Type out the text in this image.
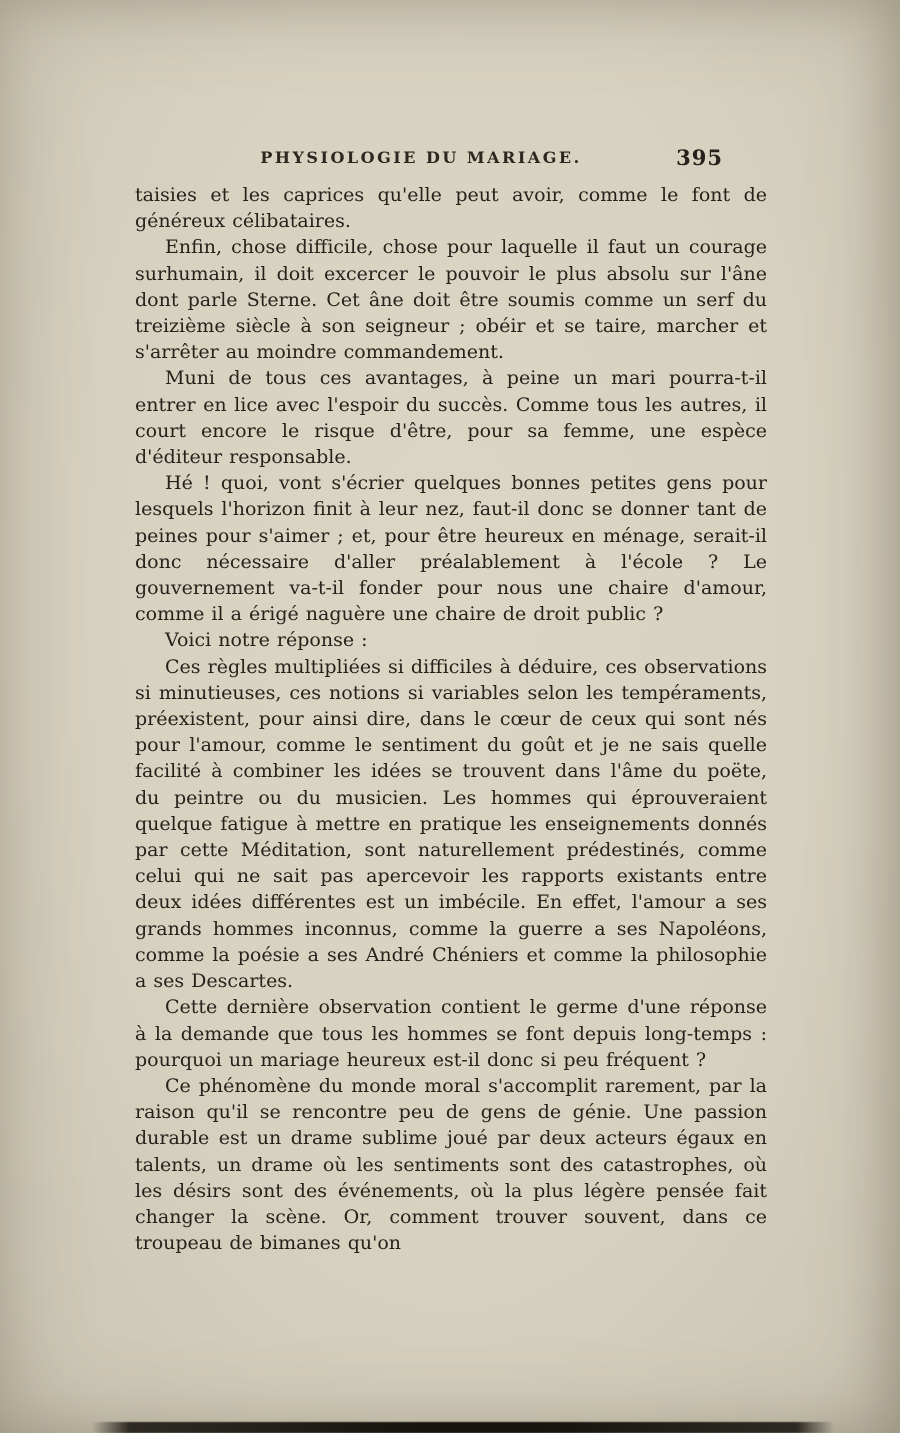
PHYSIOLOGIE DU MARIAGE.	395

taisies et les caprices qu'elle peut avoir, comme le font de généreux célibataires.

Enfin, chose difficile, chose pour laquelle il faut un courage surhumain, il doit excercer le pouvoir le plus absolu sur l'âne dont parle Sterne. Cet âne doit être soumis comme un serf du treizième siècle à son seigneur ; obéir et se taire, marcher et s'arrêter au moindre commandement.

Muni de tous ces avantages, à peine un mari pourra-t-il entrer en lice avec l'espoir du succès. Comme tous les autres, il court encore le risque d'être, pour sa femme, une espèce d'éditeur responsable.

Hé ! quoi, vont s'écrier quelques bonnes petites gens pour lesquels l'horizon finit à leur nez, faut-il donc se donner tant de peines pour s'aimer ; et, pour être heureux en ménage, serait-il donc nécessaire d'aller préalablement à l'école ? Le gouvernement va-t-il fonder pour nous une chaire d'amour, comme il a érigé naguère une chaire de droit public ?

Voici notre réponse :

Ces règles multipliées si difficiles à déduire, ces observations si minutieuses, ces notions si variables selon les tempéraments, préexistent, pour ainsi dire, dans le cœur de ceux qui sont nés pour l'amour, comme le sentiment du goût et je ne sais quelle facilité à combiner les idées se trouvent dans l'âme du poëte, du peintre ou du musicien. Les hommes qui éprouveraient quelque fatigue à mettre en pratique les enseignements donnés par cette Méditation, sont naturellement prédestinés, comme celui qui ne sait pas apercevoir les rapports existants entre deux idées différentes est un imbécile. En effet, l'amour a ses grands hommes inconnus, comme la guerre a ses Napoléons, comme la poésie a ses André Chéniers et comme la philosophie a ses Descartes.

Cette dernière observation contient le germe d'une réponse à la demande que tous les hommes se font depuis long-temps : pourquoi un mariage heureux est-il donc si peu fréquent ?

Ce phénomène du monde moral s'accomplit rarement, par la raison qu'il se rencontre peu de gens de génie. Une passion durable est un drame sublime joué par deux acteurs égaux en talents, un drame où les sentiments sont des catastrophes, où les désirs sont des événements, où la plus légère pensée fait changer la scène. Or, comment trouver souvent, dans ce troupeau de bimanes qu'on
